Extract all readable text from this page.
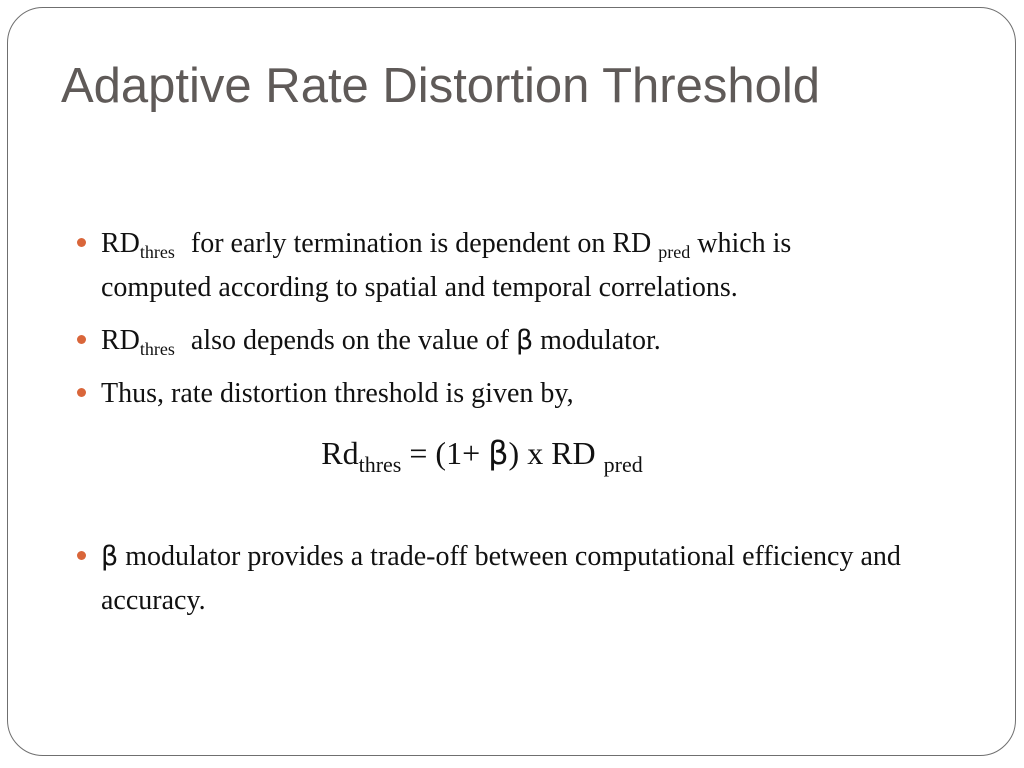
Adaptive Rate Distortion Threshold
$RD_{thres}$ for early termination is dependent on RD $_{pred}$ which is computed according to spatial and temporal correlations.
$RD_{thres}$ also depends on the value of β modulator.
Thus, rate distortion threshold is given by,
$Rd_{thres} = (1+ \beta)$ x RD $_{pred}$
β modulator provides a trade-off between computational efficiency and accuracy.
